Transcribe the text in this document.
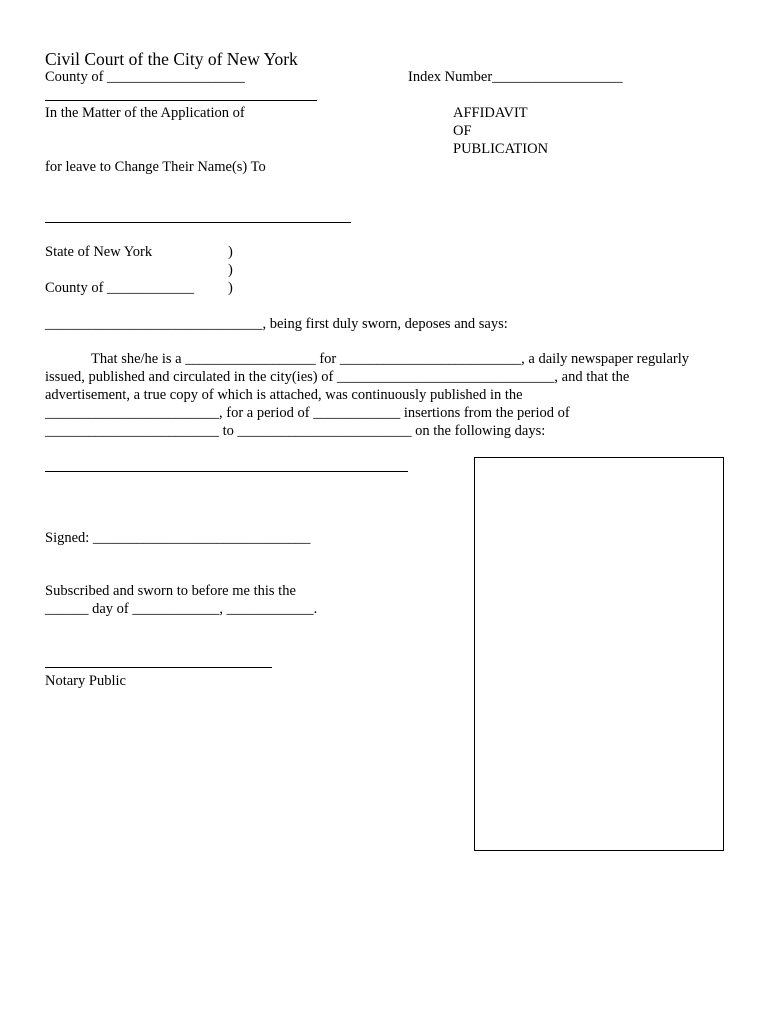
Civil Court of the City of New York
County of ___________________	Index Number__________________
In the Matter of the Application of	AFFIDAVIT
OF
PUBLICATION
for leave to Change Their Name(s) To
State of New York	)
)
County of ____________ )
______________________________, being first duly sworn, deposes and says:
That she/he is a __________________ for _________________________, a daily newspaper regularly
issued, published and circulated in the city(ies) of ______________________________, and that the
advertisement, a true copy of which is attached, was continuously published in the
________________________, for a period of ____________ insertions from the period of
________________________ to ________________________ on the following days:
Signed: ______________________________
Subscribed and sworn to before me this the
______ day of ____________, ____________.
Notary Public
